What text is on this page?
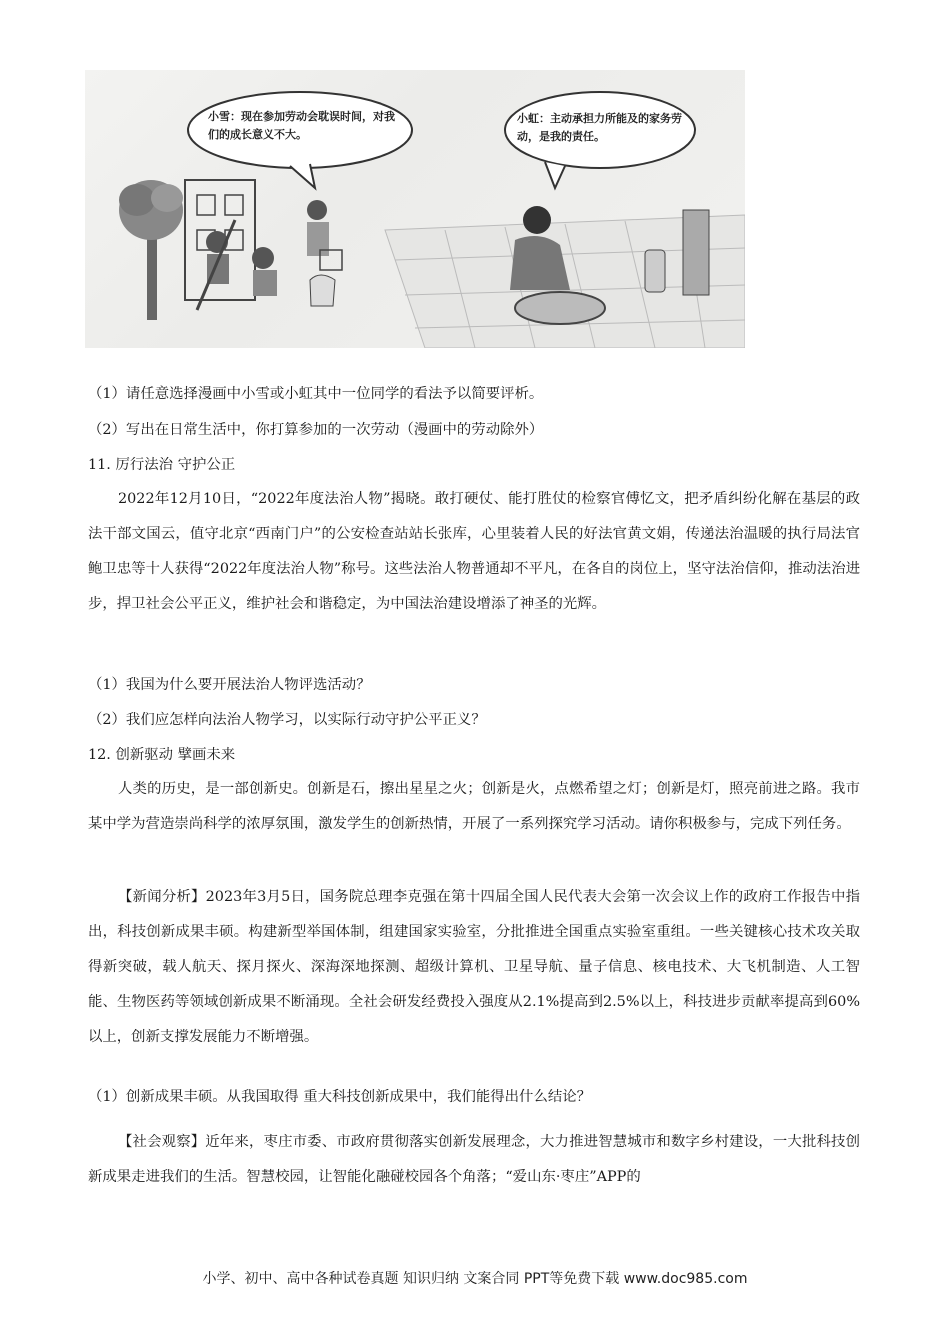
小雪：现在参加劳动会耽误时间，对我们的成长意义不大。
小虹：主动承担力所能及的家务劳动，是我的责任。
（1）请任意选择漫画中小雪或小虹其中一位同学的看法予以简要评析。
（2）写出在日常生活中，你打算参加的一次劳动（漫画中的劳动除外）
11. 厉行法治 守护公正

2022年12月10日，“2022年度法治人物”揭晓。敢打硬仗、能打胜仗的检察官傅忆文，把矛盾纠纷化解在基层的政法干部文国云，值守北京“西南门户”的公安检查站站长张库，心里装着人民的好法官黄文娟，传递法治温暖的执行局法官鲍卫忠等十人获得“2022年度法治人物”称号。这些法治人物普通却不平凡，在各自的岗位上，坚守法治信仰，推动法治进步，捍卫社会公平正义，维护社会和谐稳定，为中国法治建设增添了神圣的光辉。

（1）我国为什么要开展法治人物评选活动？
（2）我们应怎样向法治人物学习，以实际行动守护公平正义？
12. 创新驱动 擘画未来

人类的历史，是一部创新史。创新是石，擦出星星之火；创新是火，点燃希望之灯；创新是灯，照亮前进之路。我市某中学为营造崇尚科学的浓厚氛围，激发学生的创新热情，开展了一系列探究学习活动。请你积极参与，完成下列任务。

【新闻分析】2023年3月5日，国务院总理李克强在第十四届全国人民代表大会第一次会议上作的政府工作报告中指出，科技创新成果丰硕。构建新型举国体制，组建国家实验室，分批推进全国重点实验室重组。一些关键核心技术攻关取得新突破，载人航天、探月探火、深海深地探测、超级计算机、卫星导航、量子信息、核电技术、大飞机制造、人工智能、生物医药等领域创新成果不断涌现。全社会研发经费投入强度从2.1%提高到2.5%以上，科技进步贡献率提高到60%以上，创新支撑发展能力不断增强。

（1）创新成果丰硕。从我国取得 重大科技创新成果中，我们能得出什么结论？

【社会观察】近年来，枣庄市委、市政府贯彻落实创新发展理念，大力推进智慧城市和数字乡村建设，一大批科技创新成果走进我们的生活。智慧校园，让智能化融碰校园各个角落；“爱山东·枣庄”APP的

小学、初中、高中各种试卷真题 知识归纳 文案合同 PPT等免费下载 www.doc985.com
